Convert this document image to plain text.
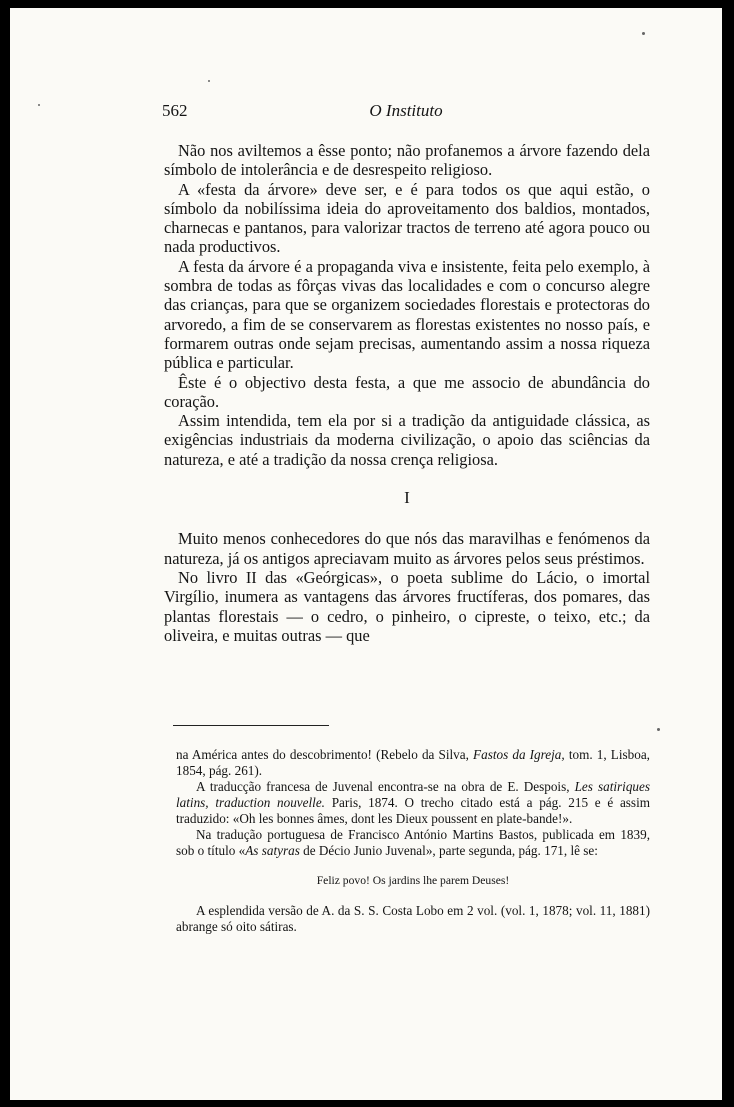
562	O Instituto

Não nos aviltemos a êsse ponto; não profanemos a árvore fazendo dela símbolo de intolerância e de desrespeito religioso.

A «festa da árvore» deve ser, e é para todos os que aqui estão, o símbolo da nobilíssima ideia do aproveitamento dos baldios, montados, charnecas e pantanos, para valorizar tractos de terreno até agora pouco ou nada productivos.

A festa da árvore é a propaganda viva e insistente, feita pelo exemplo, à sombra de todas as fôrças vivas das localidades e com o concurso alegre das crianças, para que se organizem sociedades florestais e protectoras do arvoredo, a fim de se conservarem as florestas existentes no nosso país, e formarem outras onde sejam precisas, aumentando assim a nossa riqueza pública e particular.

Êste é o objectivo desta festa, a que me associo de abundância do coração.

Assim intendida, tem ela por si a tradição da antiguidade clássica, as exigências industriais da moderna civilização, o apoio das sciências da natureza, e até a tradição da nossa crença religiosa.

I

Muito menos conhecedores do que nós das maravilhas e fenómenos da natureza, já os antigos apreciavam muito as árvores pelos seus préstimos.

No livro II das «Geórgicas», o poeta sublime do Lácio, o imortal Virgílio, inumera as vantagens das árvores fructíferas, dos pomares, das plantas florestais — o cedro, o pinheiro, o cipreste, o teixo, etc.; da oliveira, e muitas outras — que

na América antes do descobrimento! (Rebelo da Silva, Fastos da Igreja, tom. 1, Lisboa, 1854, pág. 261).

A traducção francesa de Juvenal encontra-se na obra de E. Despois, Les satiriques latins, traduction nouvelle. Paris, 1874. O trecho citado está a pág. 215 e é assim traduzido: «Oh les bonnes âmes, dont les Dieux poussent en plate-bande!».

Na tradução portuguesa de Francisco António Martins Bastos, publicada em 1839, sob o título «As satyras de Décio Junio Juvenal», parte segunda, pág. 171, lê se:

Feliz povo! Os jardins lhe parem Deuses!

A esplendida versão de A. da S. S. Costa Lobo em 2 vol. (vol. 1, 1878; vol. 11, 1881) abrange só oito sátiras.
